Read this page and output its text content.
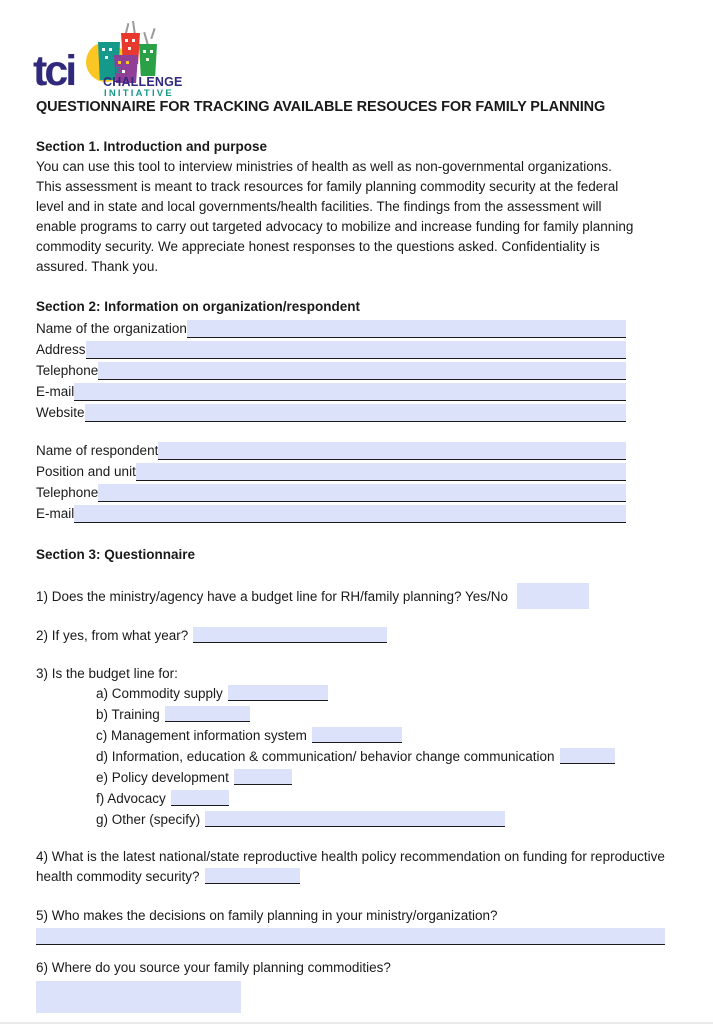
tci	THE
CHALLENGE
INITIATIVE
QUESTIONNAIRE FOR TRACKING AVAILABLE RESOUCES FOR FAMILY PLANNING
Section 1. Introduction and purpose

You can use this tool to interview ministries of health as well as non-governmental organizations. This assessment is meant to track resources for family planning commodity security at the federal level and in state and local governments/health facilities. The findings from the assessment will enable programs to carry out targeted advocacy to mobilize and increase funding for family planning commodity security. We appreciate honest responses to the questions asked. Confidentiality is assured. Thank you.

Section 2: Information on organization/respondent
Name of the organization
Address
Telephone
E-mail
Website
Name of respondent
Position and unit
Telephone
E-mail
Section 3: Questionnaire
1) Does the ministry/agency have a budget line for RH/family planning? Yes/No
2) If yes, from what year?
3) Is the budget line for:
a) Commodity supply
b) Training
c) Management information system
d) Information, education & communication/ behavior change communication
e) Policy development
f) Advocacy
g) Other (specify)
4) What is the latest national/state reproductive health policy recommendation on funding for reproductive health commodity security?
5) Who makes the decisions on family planning in your ministry/organization?
6) Where do you source your family planning commodities?
